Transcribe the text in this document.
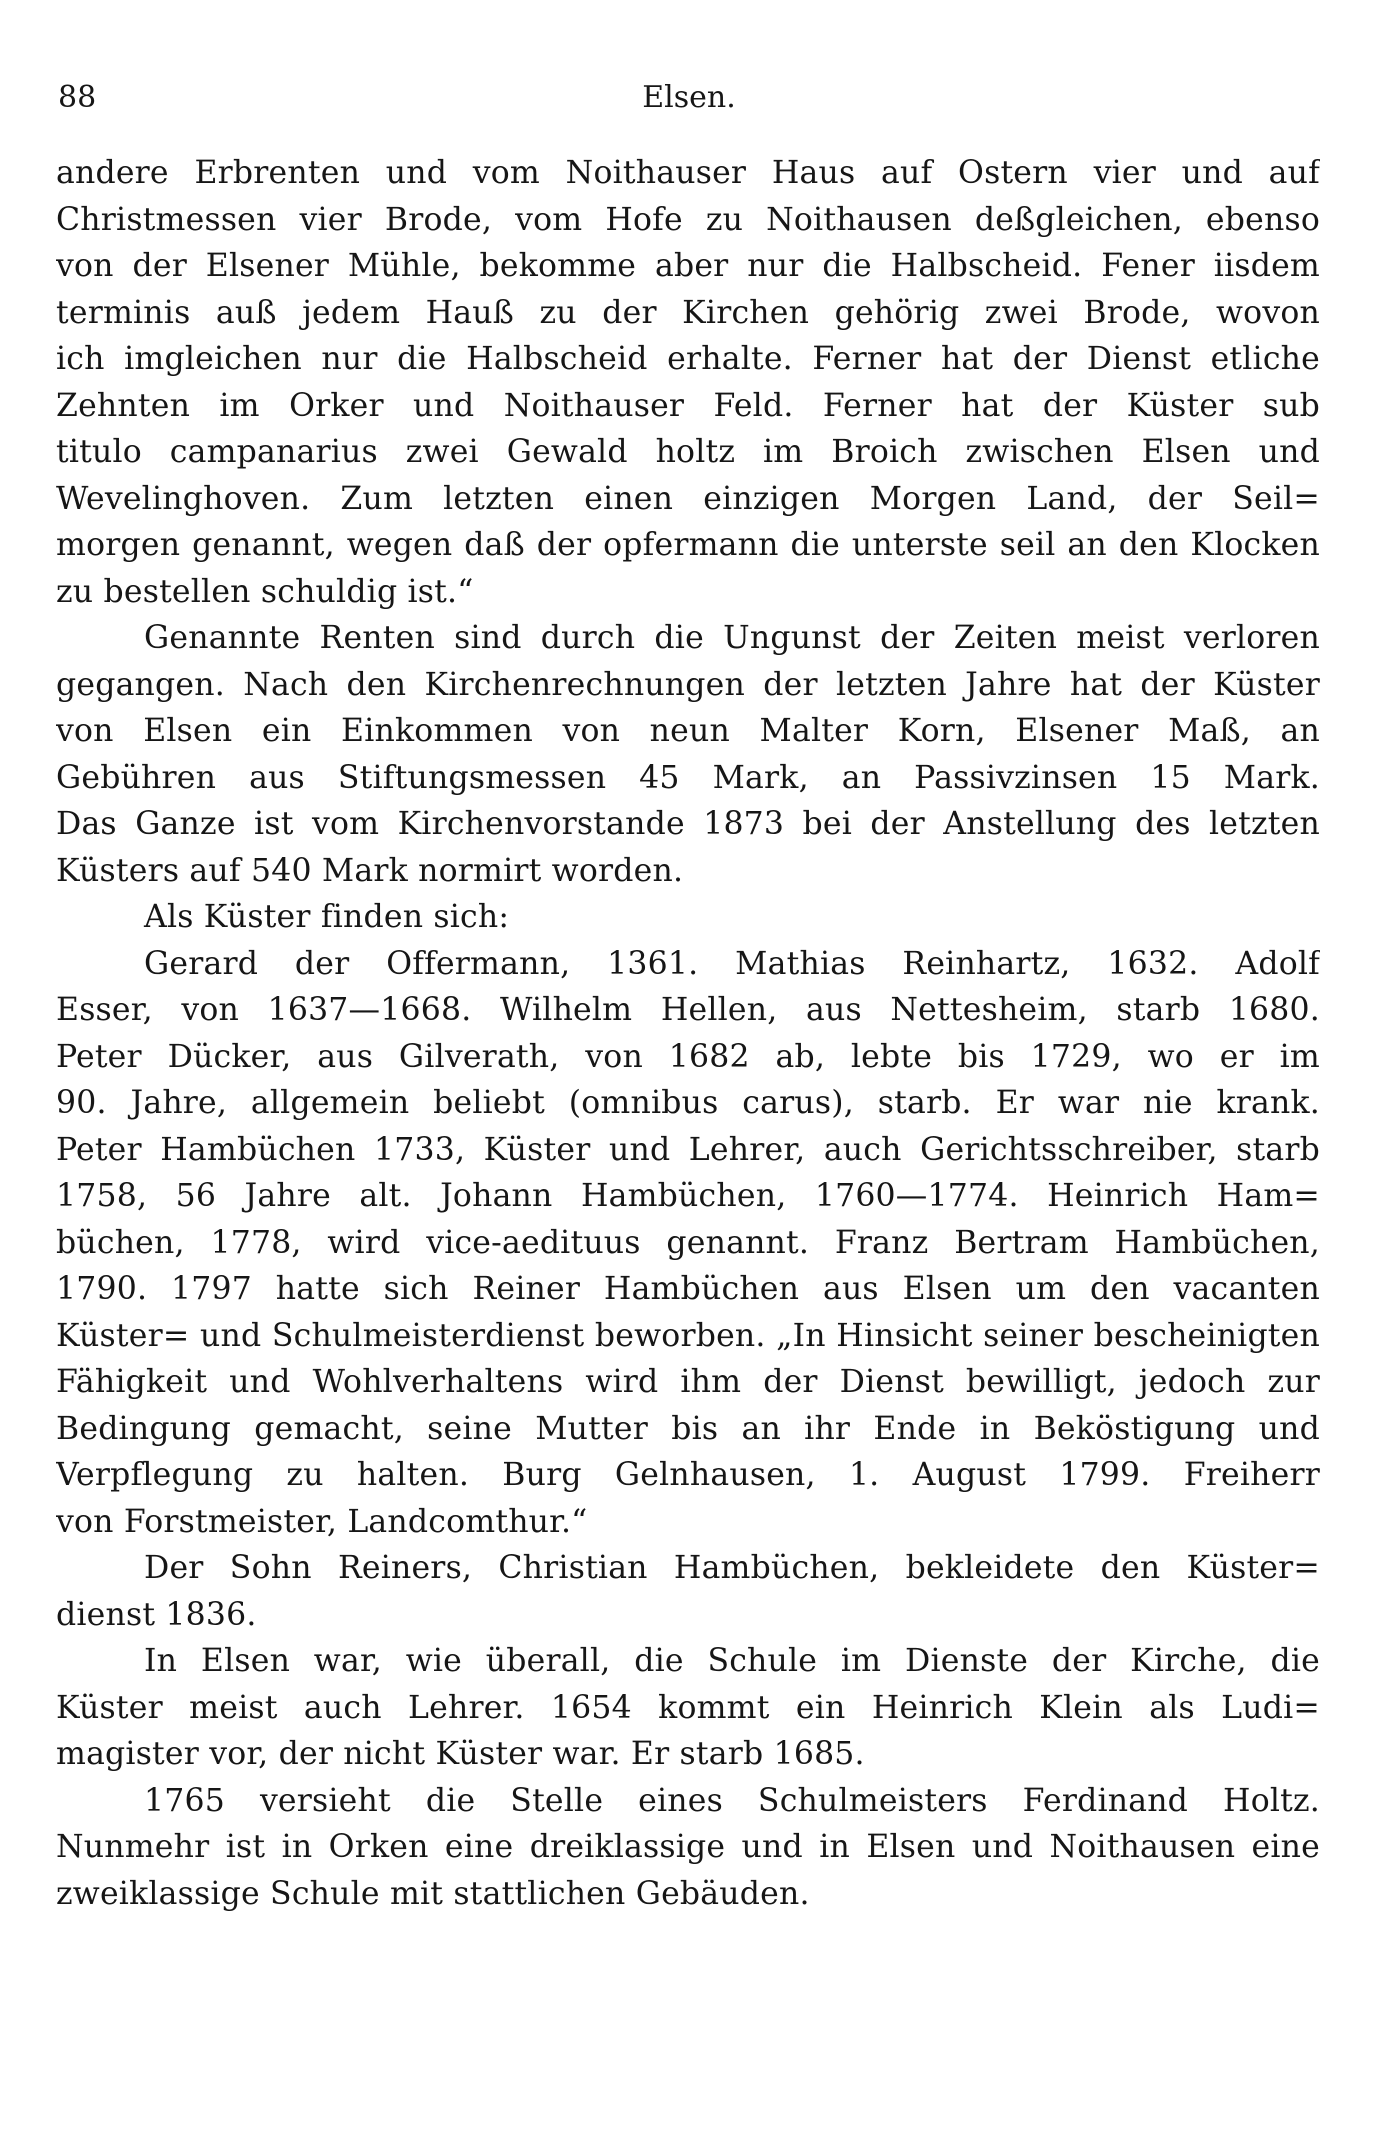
88	Elsen.
andere Erbrenten und vom Noithauser Haus auf Ostern vier und auf
Christmessen vier Brode, vom Hofe zu Noithausen deßgleichen, ebenso
von der Elsener Mühle, bekomme aber nur die Halbscheid. Fener iisdem
terminis auß jedem Hauß zu der Kirchen gehörig zwei Brode, wovon
ich imgleichen nur die Halbscheid erhalte. Ferner hat der Dienst etliche
Zehnten im Orker und Noithauser Feld. Ferner hat der Küster sub
titulo campanarius zwei Gewald holtz im Broich zwischen Elsen und
Wevelinghoven. Zum letzten einen einzigen Morgen Land, der Seil=
morgen genannt, wegen daß der opfermann die unterste seil an den Klocken
zu bestellen schuldig ist.“
Genannte Renten sind durch die Ungunst der Zeiten meist verloren
gegangen. Nach den Kirchenrechnungen der letzten Jahre hat der Küster
von Elsen ein Einkommen von neun Malter Korn, Elsener Maß, an
Gebühren aus Stiftungsmessen 45 Mark, an Passivzinsen 15 Mark.
Das Ganze ist vom Kirchenvorstande 1873 bei der Anstellung des letzten
Küsters auf 540 Mark normirt worden.
Als Küster finden sich:
Gerard der Offermann, 1361. Mathias Reinhartz, 1632. Adolf
Esser, von 1637—1668. Wilhelm Hellen, aus Nettesheim, starb 1680.
Peter Dücker, aus Gilverath, von 1682 ab, lebte bis 1729, wo er im
90. Jahre, allgemein beliebt (omnibus carus), starb. Er war nie krank.
Peter Hambüchen 1733, Küster und Lehrer, auch Gerichtsschreiber, starb
1758, 56 Jahre alt. Johann Hambüchen, 1760—1774. Heinrich Ham=
büchen, 1778, wird vice-aedituus genannt. Franz Bertram Hambüchen,
1790. 1797 hatte sich Reiner Hambüchen aus Elsen um den vacanten
Küster= und Schulmeisterdienst beworben. „In Hinsicht seiner bescheinigten
Fähigkeit und Wohlverhaltens wird ihm der Dienst bewilligt, jedoch zur
Bedingung gemacht, seine Mutter bis an ihr Ende in Beköstigung und
Verpflegung zu halten. Burg Gelnhausen, 1. August 1799. Freiherr
von Forstmeister, Landcomthur.“
Der Sohn Reiners, Christian Hambüchen, bekleidete den Küster=
dienst 1836.
In Elsen war, wie überall, die Schule im Dienste der Kirche, die
Küster meist auch Lehrer. 1654 kommt ein Heinrich Klein als Ludi=
magister vor, der nicht Küster war. Er starb 1685.
1765 versieht die Stelle eines Schulmeisters Ferdinand Holtz.
Nunmehr ist in Orken eine dreiklassige und in Elsen und Noithausen eine
zweiklassige Schule mit stattlichen Gebäuden.
